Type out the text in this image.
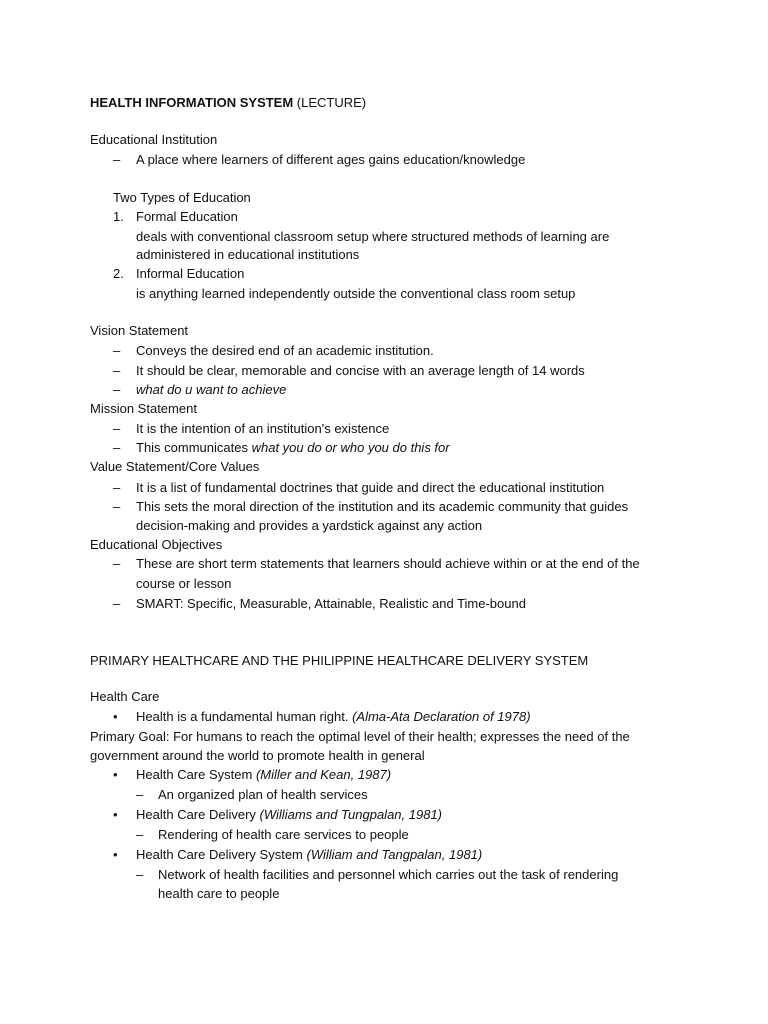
HEALTH INFORMATION SYSTEM (LECTURE)
Educational Institution
– A place where learners of different ages gains education/knowledge
Two Types of Education
1. Formal Education
deals with conventional classroom setup where structured methods of learning are
administered in educational institutions
2. Informal Education
is anything learned independently outside the conventional class room setup
Vision Statement
– Conveys the desired end of an academic institution.
– It should be clear, memorable and concise with an average length of 14 words
– what do u want to achieve
Mission Statement
– It is the intention of an institution's existence
– This communicates what you do or who you do this for
Value Statement/Core Values
– It is a list of fundamental doctrines that guide and direct the educational institution
– This sets the moral direction of the institution and its academic community that guides
decision-making and provides a yardstick against any action
Educational Objectives
– These are short term statements that learners should achieve within or at the end of the
course or lesson
– SMART: Specific, Measurable, Attainable, Realistic and Time-bound
PRIMARY HEALTHCARE AND THE PHILIPPINE HEALTHCARE DELIVERY SYSTEM
Health Care
• Health is a fundamental human right. (Alma-Ata Declaration of 1978)
Primary Goal: For humans to reach the optimal level of their health; expresses the need of the
government around the world to promote health in general
• Health Care System (Miller and Kean, 1987)
– An organized plan of health services
• Health Care Delivery (Williams and Tungpalan, 1981)
– Rendering of health care services to people
• Health Care Delivery System (William and Tangpalan, 1981)
– Network of health facilities and personnel which carries out the task of rendering
health care to people
